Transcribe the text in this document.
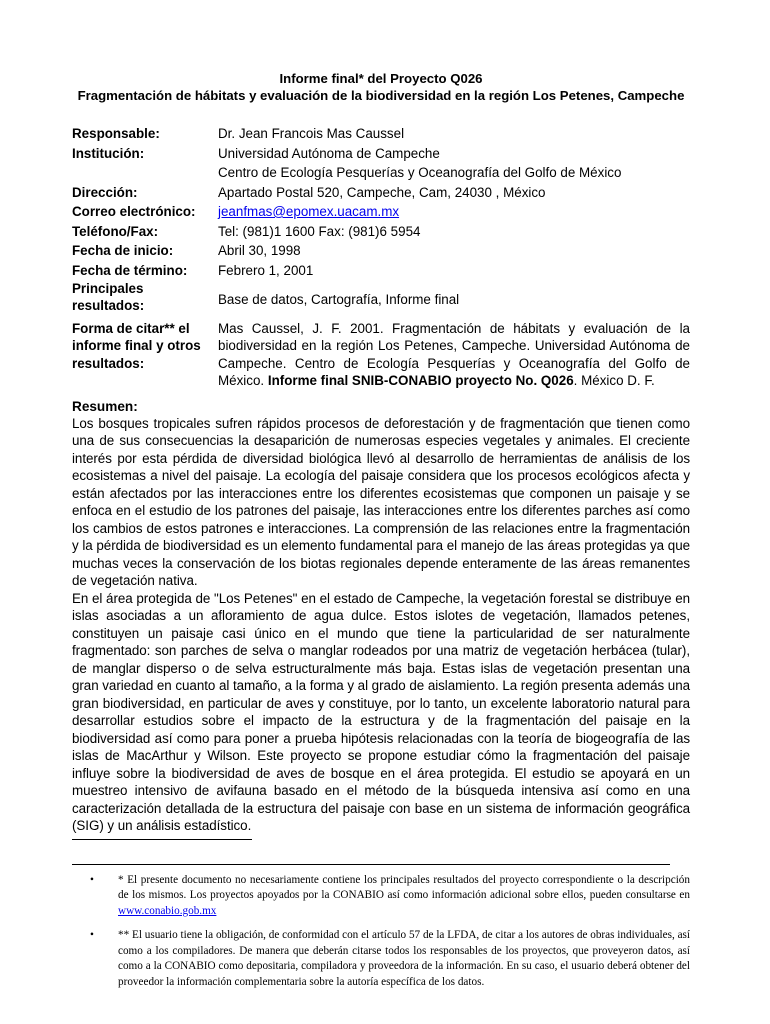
Informe final* del Proyecto Q026
Fragmentación de hábitats y evaluación de la biodiversidad en la región Los Petenes, Campeche
Responsable:	Dr. Jean Francois Mas Caussel
Institución:	Universidad Autónoma de Campeche
Centro de Ecología Pesquerías y Oceanografía del Golfo de México
Dirección:	Apartado Postal 520, Campeche, Cam, 24030 , México
Correo electrónico:	jeanfmas@epomex.uacam.mx
Teléfono/Fax:	Tel: (981)1 1600 Fax: (981)6 5954
Fecha de inicio:	Abril 30, 1998
Fecha de término:	Febrero 1, 2001
Principales resultados:	Base de datos, Cartografía, Informe final
Forma de citar** el informe final y otros resultados:
Mas Caussel, J. F. 2001. Fragmentación de hábitats y evaluación de la biodiversidad en la región Los Petenes, Campeche. Universidad Autónoma de Campeche. Centro de Ecología Pesquerías y Oceanografía del Golfo de México. Informe final SNIB-CONABIO proyecto No. Q026. México D. F.
Resumen:

Los bosques tropicales sufren rápidos procesos de deforestación y de fragmentación que tienen como una de sus consecuencias la desaparición de numerosas especies vegetales y animales. El creciente interés por esta pérdida de diversidad biológica llevó al desarrollo de herramientas de análisis de los ecosistemas a nivel del paisaje. La ecología del paisaje considera que los procesos ecológicos afecta y están afectados por las interacciones entre los diferentes ecosistemas que componen un paisaje y se enfoca en el estudio de los patrones del paisaje, las interacciones entre los diferentes parches así como los cambios de estos patrones e interacciones. La comprensión de las relaciones entre la fragmentación y la pérdida de biodiversidad es un elemento fundamental para el manejo de las áreas protegidas ya que muchas veces la conservación de los biotas regionales depende enteramente de las áreas remanentes de vegetación nativa.

En el área protegida de "Los Petenes" en el estado de Campeche, la vegetación forestal se distribuye en islas asociadas a un afloramiento de agua dulce. Estos islotes de vegetación, llamados petenes, constituyen un paisaje casi único en el mundo que tiene la particularidad de ser naturalmente fragmentado: son parches de selva o manglar rodeados por una matriz de vegetación herbácea (tular), de manglar disperso o de selva estructuralmente más baja. Estas islas de vegetación presentan una gran variedad en cuanto al tamaño, a la forma y al grado de aislamiento. La región presenta además una gran biodiversidad, en particular de aves y constituye, por lo tanto, un excelente laboratorio natural para desarrollar estudios sobre el impacto de la estructura y de la fragmentación del paisaje en la biodiversidad así como para poner a prueba hipótesis relacionadas con la teoría de biogeografía de las islas de MacArthur y Wilson. Este proyecto se propone estudiar cómo la fragmentación del paisaje influye sobre la biodiversidad de aves de bosque en el área protegida. El estudio se apoyará en un muestreo intensivo de avifauna basado en el método de la búsqueda intensiva así como en una caracterización detallada de la estructura del paisaje con base en un sistema de información geográfica (SIG) y un análisis estadístico.

• * El presente documento no necesariamente contiene los principales resultados del proyecto correspondiente o la descripción de los mismos. Los proyectos apoyados por la CONABIO así como información adicional sobre ellos, pueden consultarse en www.conabio.gob.mx
• ** El usuario tiene la obligación, de conformidad con el artículo 57 de la LFDA, de citar a los autores de obras individuales, así como a los compiladores. De manera que deberán citarse todos los responsables de los proyectos, que proveyeron datos, así como a la CONABIO como depositaria, compiladora y proveedora de la información. En su caso, el usuario deberá obtener del proveedor la información complementaria sobre la autoría específica de los datos.
